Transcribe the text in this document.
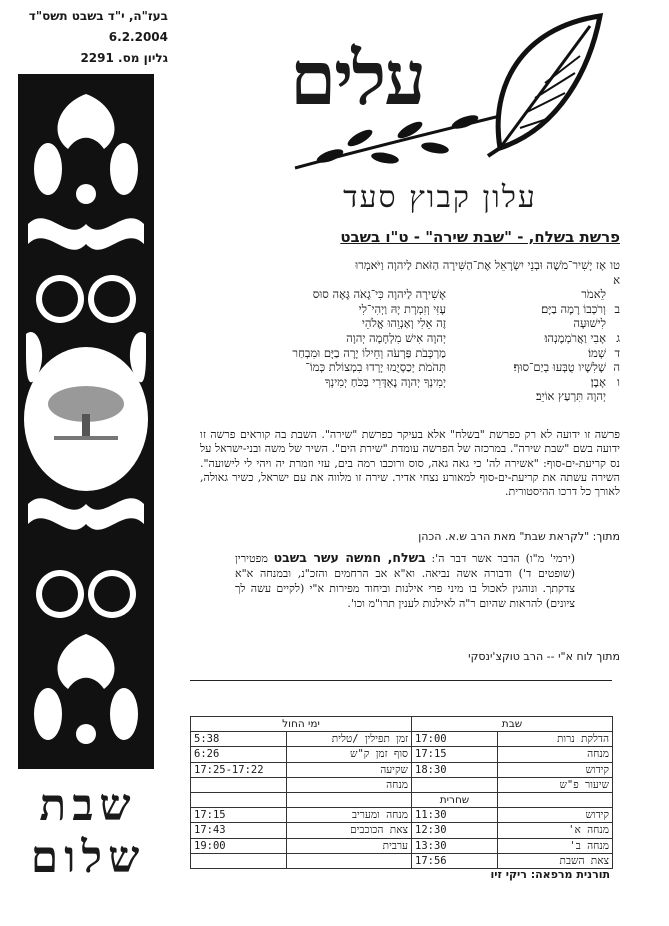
בעז"ה, י"ד בשבט תשס"ד
6.2.2004
גליון מס. 2291
שבת
שלום
עלים
עלון קבוץ סעד
פרשת בשלח, - "שבת שירה" - ט"ו בשבט
טו א
אָז יָשִׁיר־מֹשֶׁה וּבְנֵי יִשְׂרָאֵל אֶת־הַשִּׁירָה הַזֹּאת לַיהוָה וַיֹּאמְרוּ
לֵאמֹר
אָשִׁירָה לַיהוָה כִּי־גָאֹה גָּאָה סוּס
ב
וְרֹכְבוֹ רָמָה בַיָּם׃
עָזִּי וְזִמְרָת יָהּ וַיְהִי־לִי
לִישׁוּעָה
זֶה אֵלִי וְאַנְוֵהוּ אֱלֹהֵי
ג
אָבִי וַאֲרֹמְמֶנְהוּ׃
יְהוָה אִישׁ מִלְחָמָה יְהוָה
ד
שְׁמוֹ׃
מַרְכְּבֹת פַּרְעֹה וְחֵילוֹ יָרָה בַיָּם וּמִבְחַר
ה
שָׁלִשָׁיו טֻבְּעוּ בְיַם־סוּף׃
תְּהֹמֹת יְכַסְיֻמוּ יָרְדוּ בִמְצוֹלֹת כְּמוֹ־
ו
אָבֶן׃
יְמִינְךָ יְהוָה נֶאְדָּרִי בַּכֹּחַ יְמִינְךָ
יְהוָה תִּרְעַץ אוֹיֵב׃
פרשה זו ידועה לא רק כפרשת "בשלח" אלא בעיקר כפרשת "שירה". השבת בה קוראים פרשה זו ידועה בשם "שבת שירה". במרכזה של הפרשה עומדת "שירת הים". השיר של משה ובני-ישראל על נס קריעת-ים-סוף: "אשירה לה' כי גאה גאה, סוס ורוכבו רמה בים, עזי וזמרת יה ויהי לי לישועה". השירה עשתה את קריעת-ים-סוף למאורע נצחי אדיר. שירה זו מלווה את עם ישראל, כשיר גאולה, לאורך כל דרכו ההיסטורית.
מתוך: "לקראת שבת" מאת הרב ש.א. הכהן
(ירמי' מ"ו) הדבר אשר דבר ה': בשלח, חמשה עשר בשבט מפטירין (שופטים ד') ודבורה אשה נביאה. וא"א אב הרחמים והזכ"נ, ובמנחה א"א צדקתך. ונוהגין לאכול בו מיני פרי אילנות וביחוד מפירות א"י (לקיים עשה לך ציונים) להראות שהיום ר"ה לאילנות לענין תרו"מ וכו'.
מתוך לוח א"י -- הרב טוקצ'ינסקי
שבת		ימי החול	
הדלקת נרות	17:00	זמן תפילין /טלית	5:38
מנחה	17:15	סוף זמן ק"ש	6:26
קידוש	18:30	שקיעה	17:25-17:22
שיעור פ"ש		מנחה	
	שחרית		
קידוש	11:30	מנחה ומעריב	17:15
מנחה א'	12:30	צאת הכוכבים	17:43
מנחה ב'	13:30	ערבית	19:00
צאת השבת	17:56		
תורנית מרפאה: ריקי זיו
